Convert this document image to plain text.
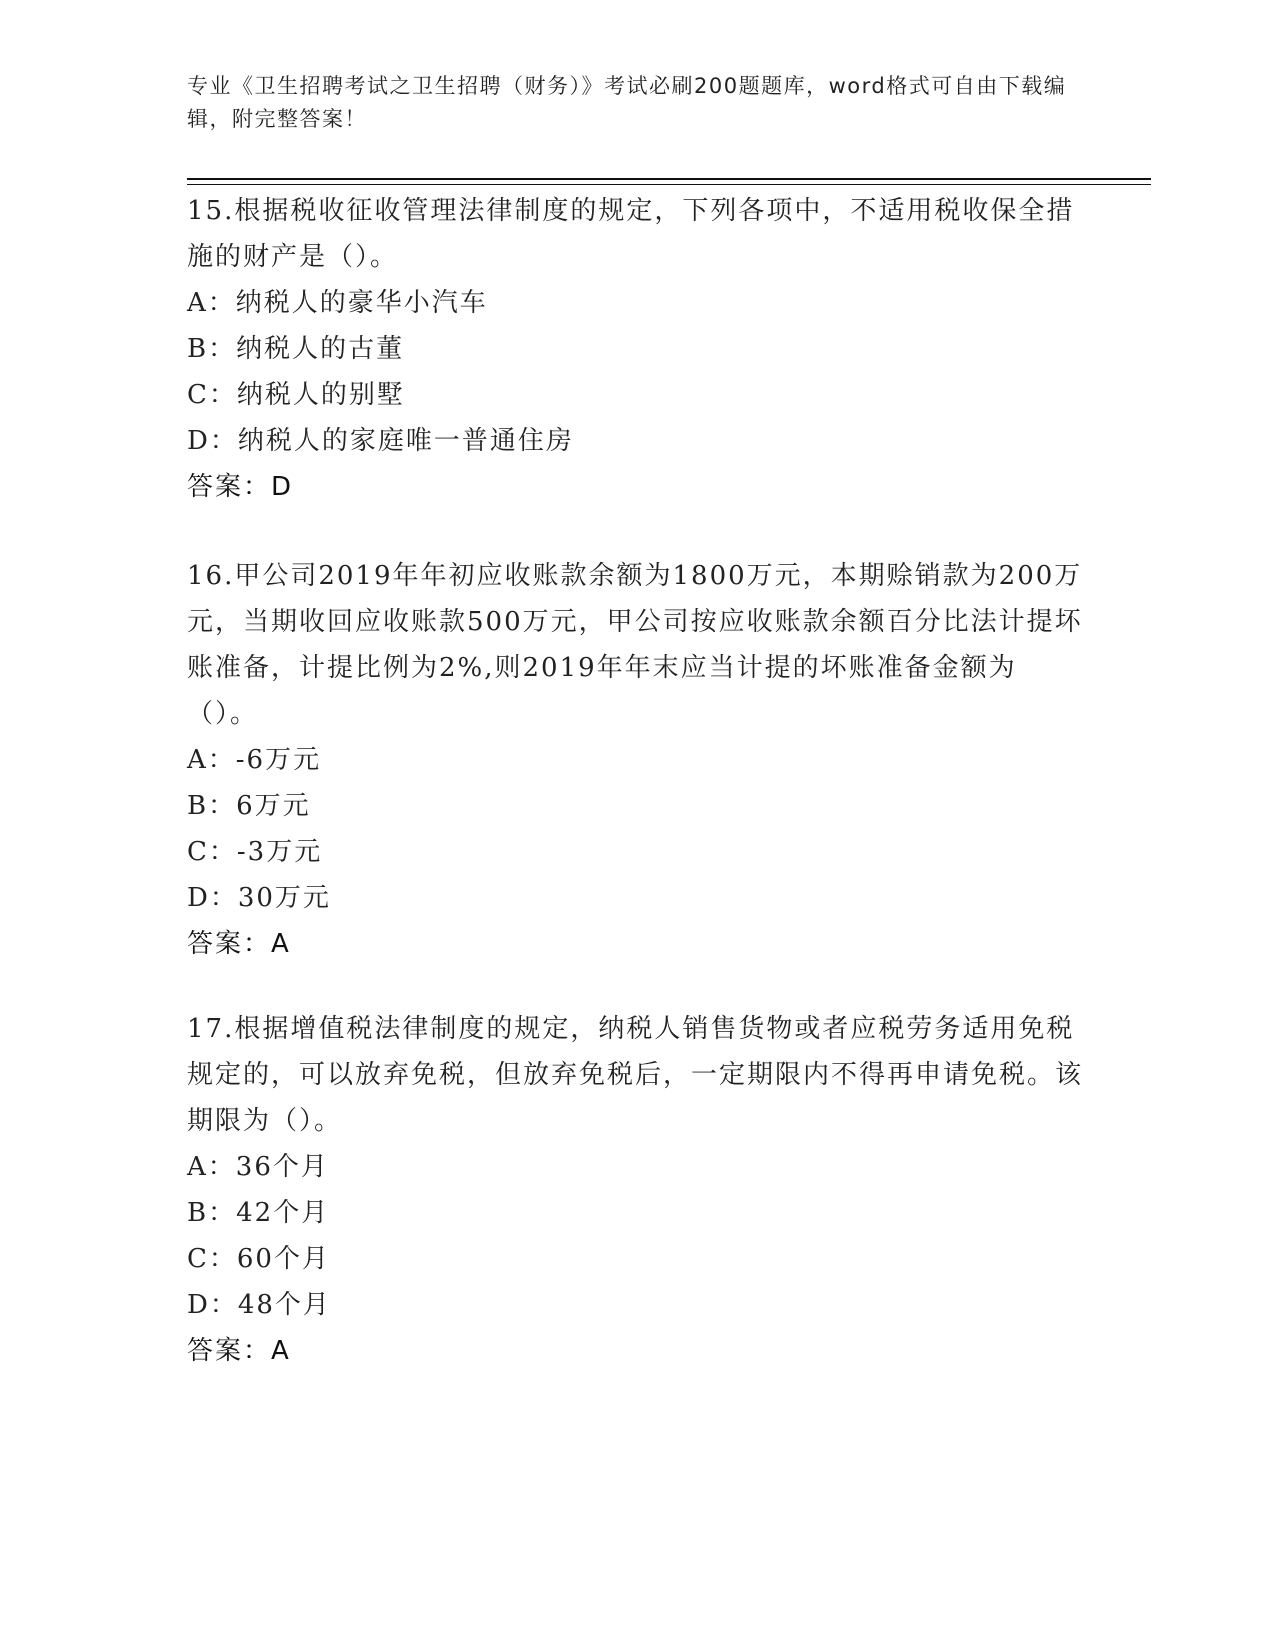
专业《卫生招聘考试之卫生招聘（财务）》考试必刷200题题库，word格式可自由下载编辑，附完整答案！

15.根据税收征收管理法律制度的规定，下列各项中，不适用税收保全措施的财产是（）。

A：纳税人的豪华小汽车

B：纳税人的古董

C：纳税人的别墅

D：纳税人的家庭唯一普通住房

答案：D

16.甲公司2019年年初应收账款余额为1800万元，本期赊销款为200万元，当期收回应收账款500万元，甲公司按应收账款余额百分比法计提坏账准备，计提比例为2%,则2019年年末应当计提的坏账准备金额为（）。

A：-6万元

B：6万元

C：-3万元

D：30万元

答案：A

17.根据增值税法律制度的规定，纳税人销售货物或者应税劳务适用免税规定的，可以放弃免税，但放弃免税后，一定期限内不得再申请免税。该期限为（）。

A：36个月

B：42个月

C：60个月

D：48个月

答案：A
